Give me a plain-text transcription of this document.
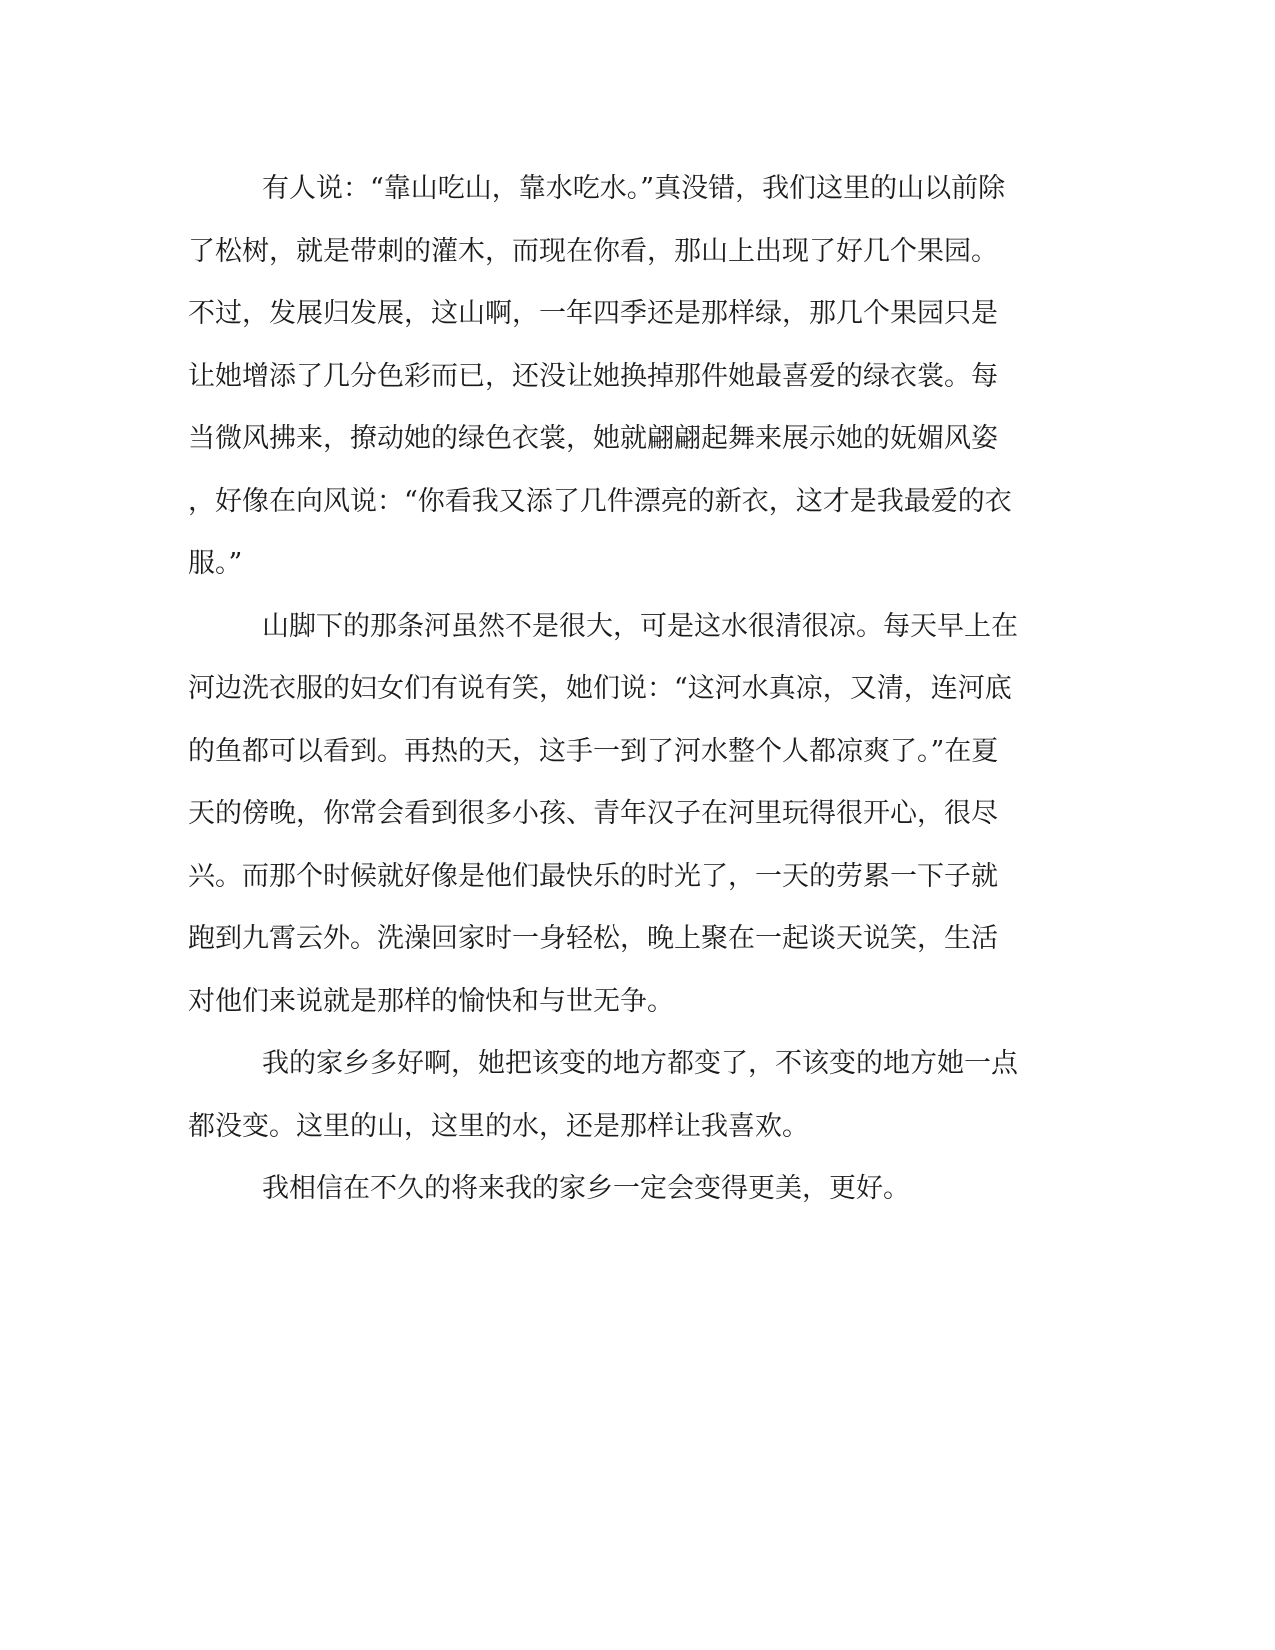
有人说：“靠山吃山，靠水吃水。”真没错，我们这里的山以前除
了松树，就是带刺的灌木，而现在你看，那山上出现了好几个果园。
不过，发展归发展，这山啊，一年四季还是那样绿，那几个果园只是
让她增添了几分色彩而已，还没让她换掉那件她最喜爱的绿衣裳。每
当微风拂来，撩动她的绿色衣裳，她就翩翩起舞来展示她的妩媚风姿
，好像在向风说：“你看我又添了几件漂亮的新衣，这才是我最爱的衣
服。”
山脚下的那条河虽然不是很大，可是这水很清很凉。每天早上在
河边洗衣服的妇女们有说有笑，她们说：“这河水真凉，又清，连河底
的鱼都可以看到。再热的天，这手一到了河水整个人都凉爽了。”在夏
天的傍晚，你常会看到很多小孩、青年汉子在河里玩得很开心，很尽
兴。而那个时候就好像是他们最快乐的时光了，一天的劳累一下子就
跑到九霄云外。洗澡回家时一身轻松，晚上聚在一起谈天说笑，生活
对他们来说就是那样的愉快和与世无争。
我的家乡多好啊，她把该变的地方都变了，不该变的地方她一点
都没变。这里的山，这里的水，还是那样让我喜欢。
我相信在不久的将来我的家乡一定会变得更美，更好。
